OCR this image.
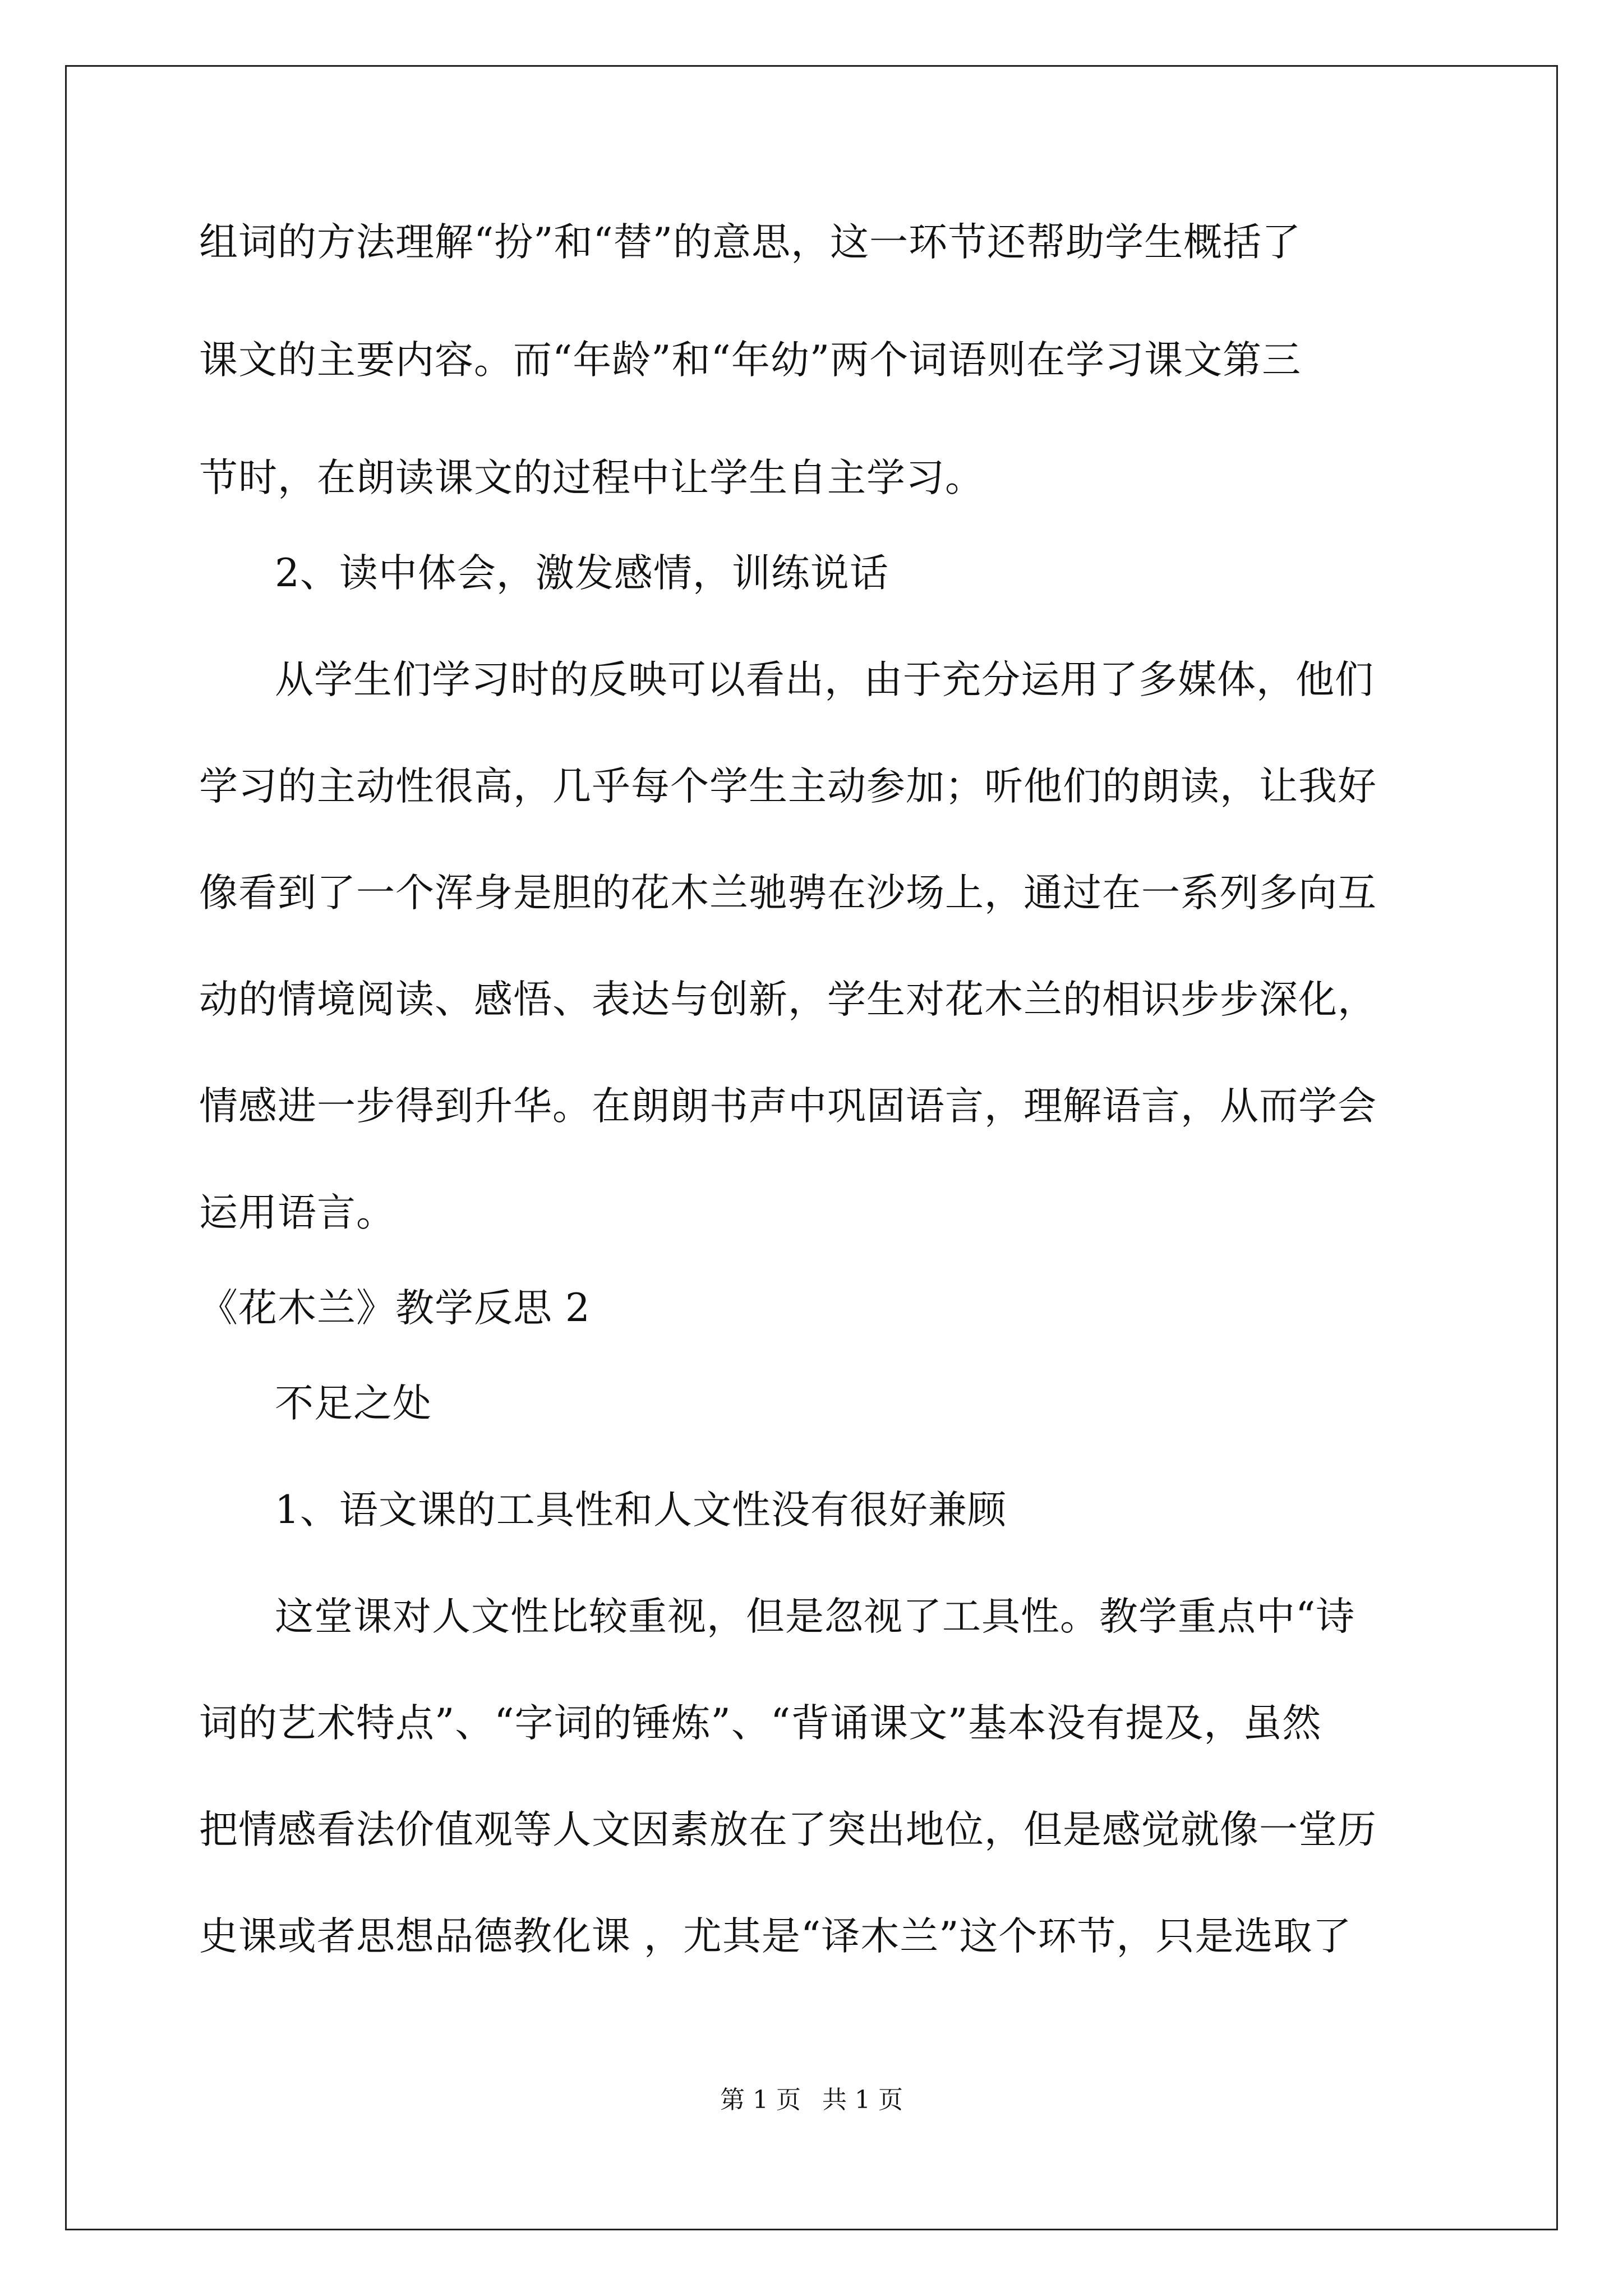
组词的方法理解“扮”和“替”的意思，这一环节还帮助学生概括了
课文的主要内容。而“年龄”和“年幼”两个词语则在学习课文第三
节时，在朗读课文的过程中让学生自主学习。
2、读中体会，激发感情，训练说话
从学生们学习时的反映可以看出，由于充分运用了多媒体，他们
学习的主动性很高，几乎每个学生主动参加；听他们的朗读，让我好
像看到了一个浑身是胆的花木兰驰骋在沙场上，通过在一系列多向互
动的情境阅读、感悟、表达与创新，学生对花木兰的相识步步深化，
情感进一步得到升华。在朗朗书声中巩固语言，理解语言，从而学会
运用语言。
《花木兰》教学反思 2
不足之处
1、语文课的工具性和人文性没有很好兼顾
这堂课对人文性比较重视，但是忽视了工具性。教学重点中“诗
词的艺术特点”、“字词的锤炼”、“背诵课文”基本没有提及，虽然
把情感看法价值观等人文因素放在了突出地位，但是感觉就像一堂历
史课或者思想品德教化课 ，尤其是“译木兰”这个环节，只是选取了
第 1 页 共 1 页
